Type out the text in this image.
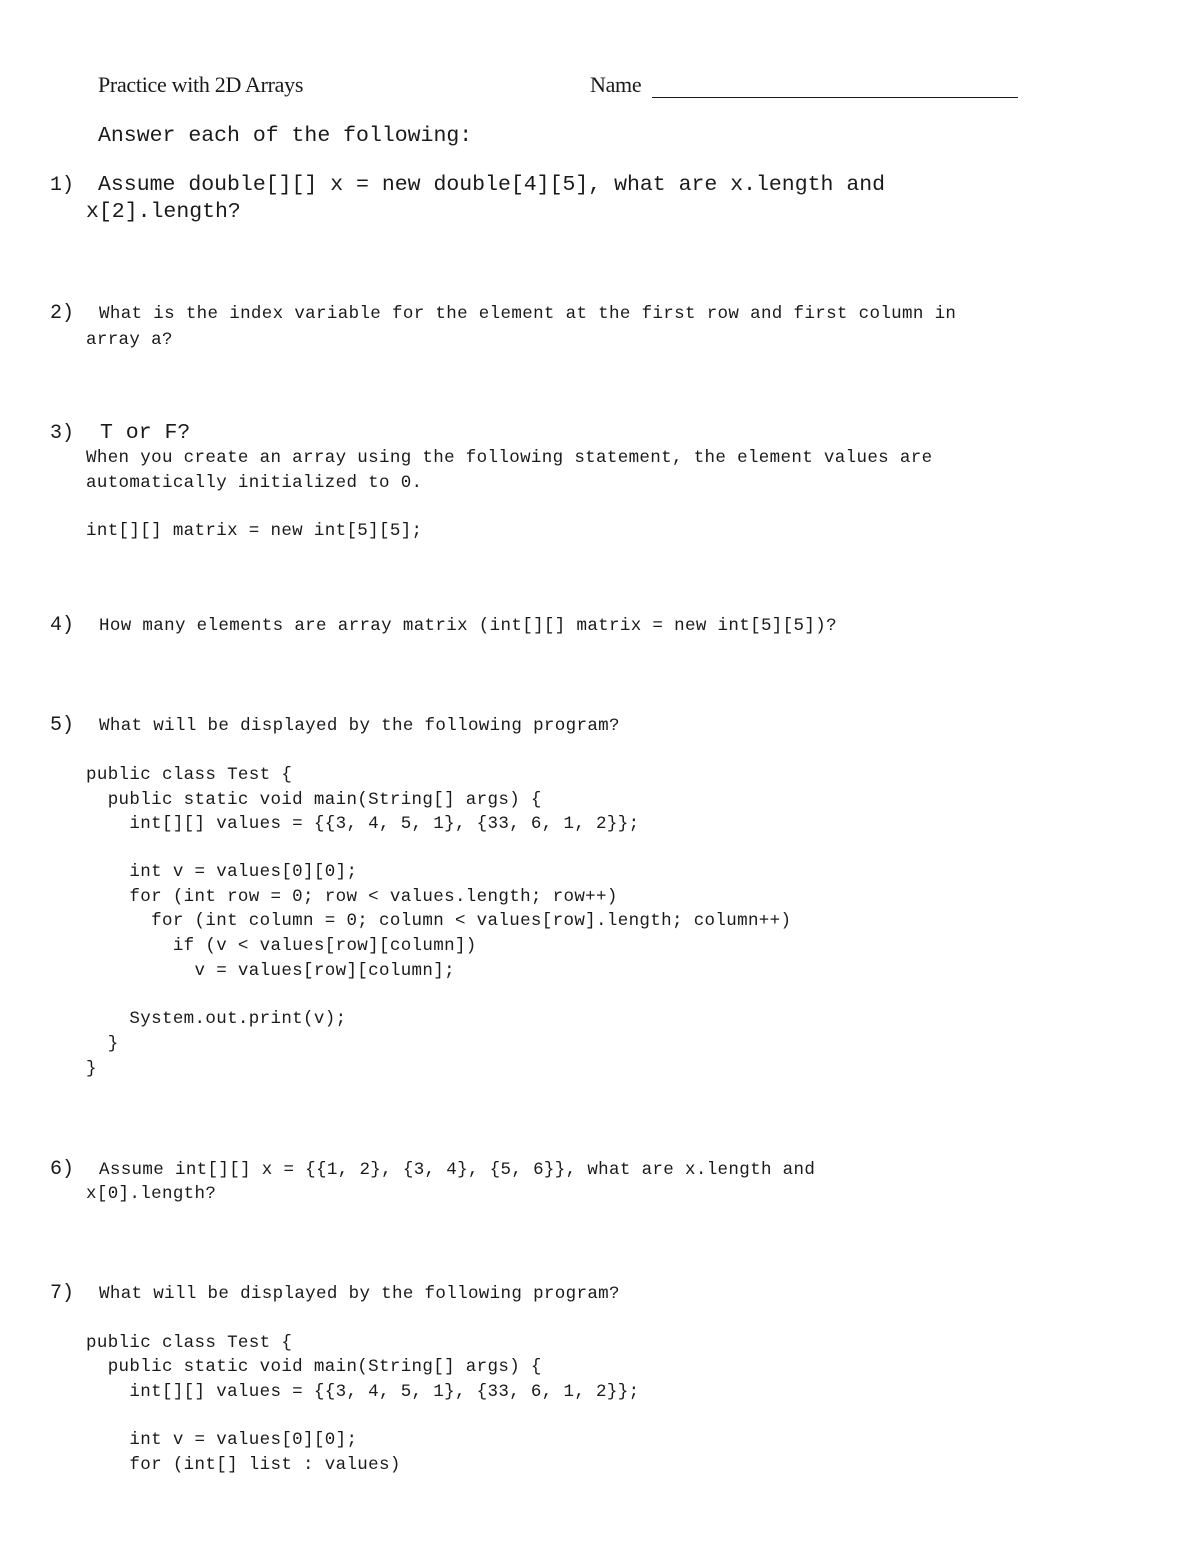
Practice with 2D Arrays	Name
Answer each of the following:
1) Assume double[][] x = new double[4][5], what are x.length and
x[2].length?
2) What is the index variable for the element at the first row and first column in
array a?
3) T or F?
When you create an array using the following statement, the element values are
automatically initialized to 0.
int[][] matrix = new int[5][5];
4) How many elements are array matrix (int[][] matrix = new int[5][5])?
5) What will be displayed by the following program?
public class Test {
public static void main(String[] args) {
int[][] values = {{3, 4, 5, 1}, {33, 6, 1, 2}};
int v = values[0][0];
for (int row = 0; row < values.length; row++)
for (int column = 0; column < values[row].length; column++)
if (v < values[row][column])
v = values[row][column];
System.out.print(v);
}
}
6) Assume int[][] x = {{1, 2}, {3, 4}, {5, 6}}, what are x.length and
x[0].length?
7) What will be displayed by the following program?
public class Test {
public static void main(String[] args) {
int[][] values = {{3, 4, 5, 1}, {33, 6, 1, 2}};
int v = values[0][0];
for (int[] list : values)
